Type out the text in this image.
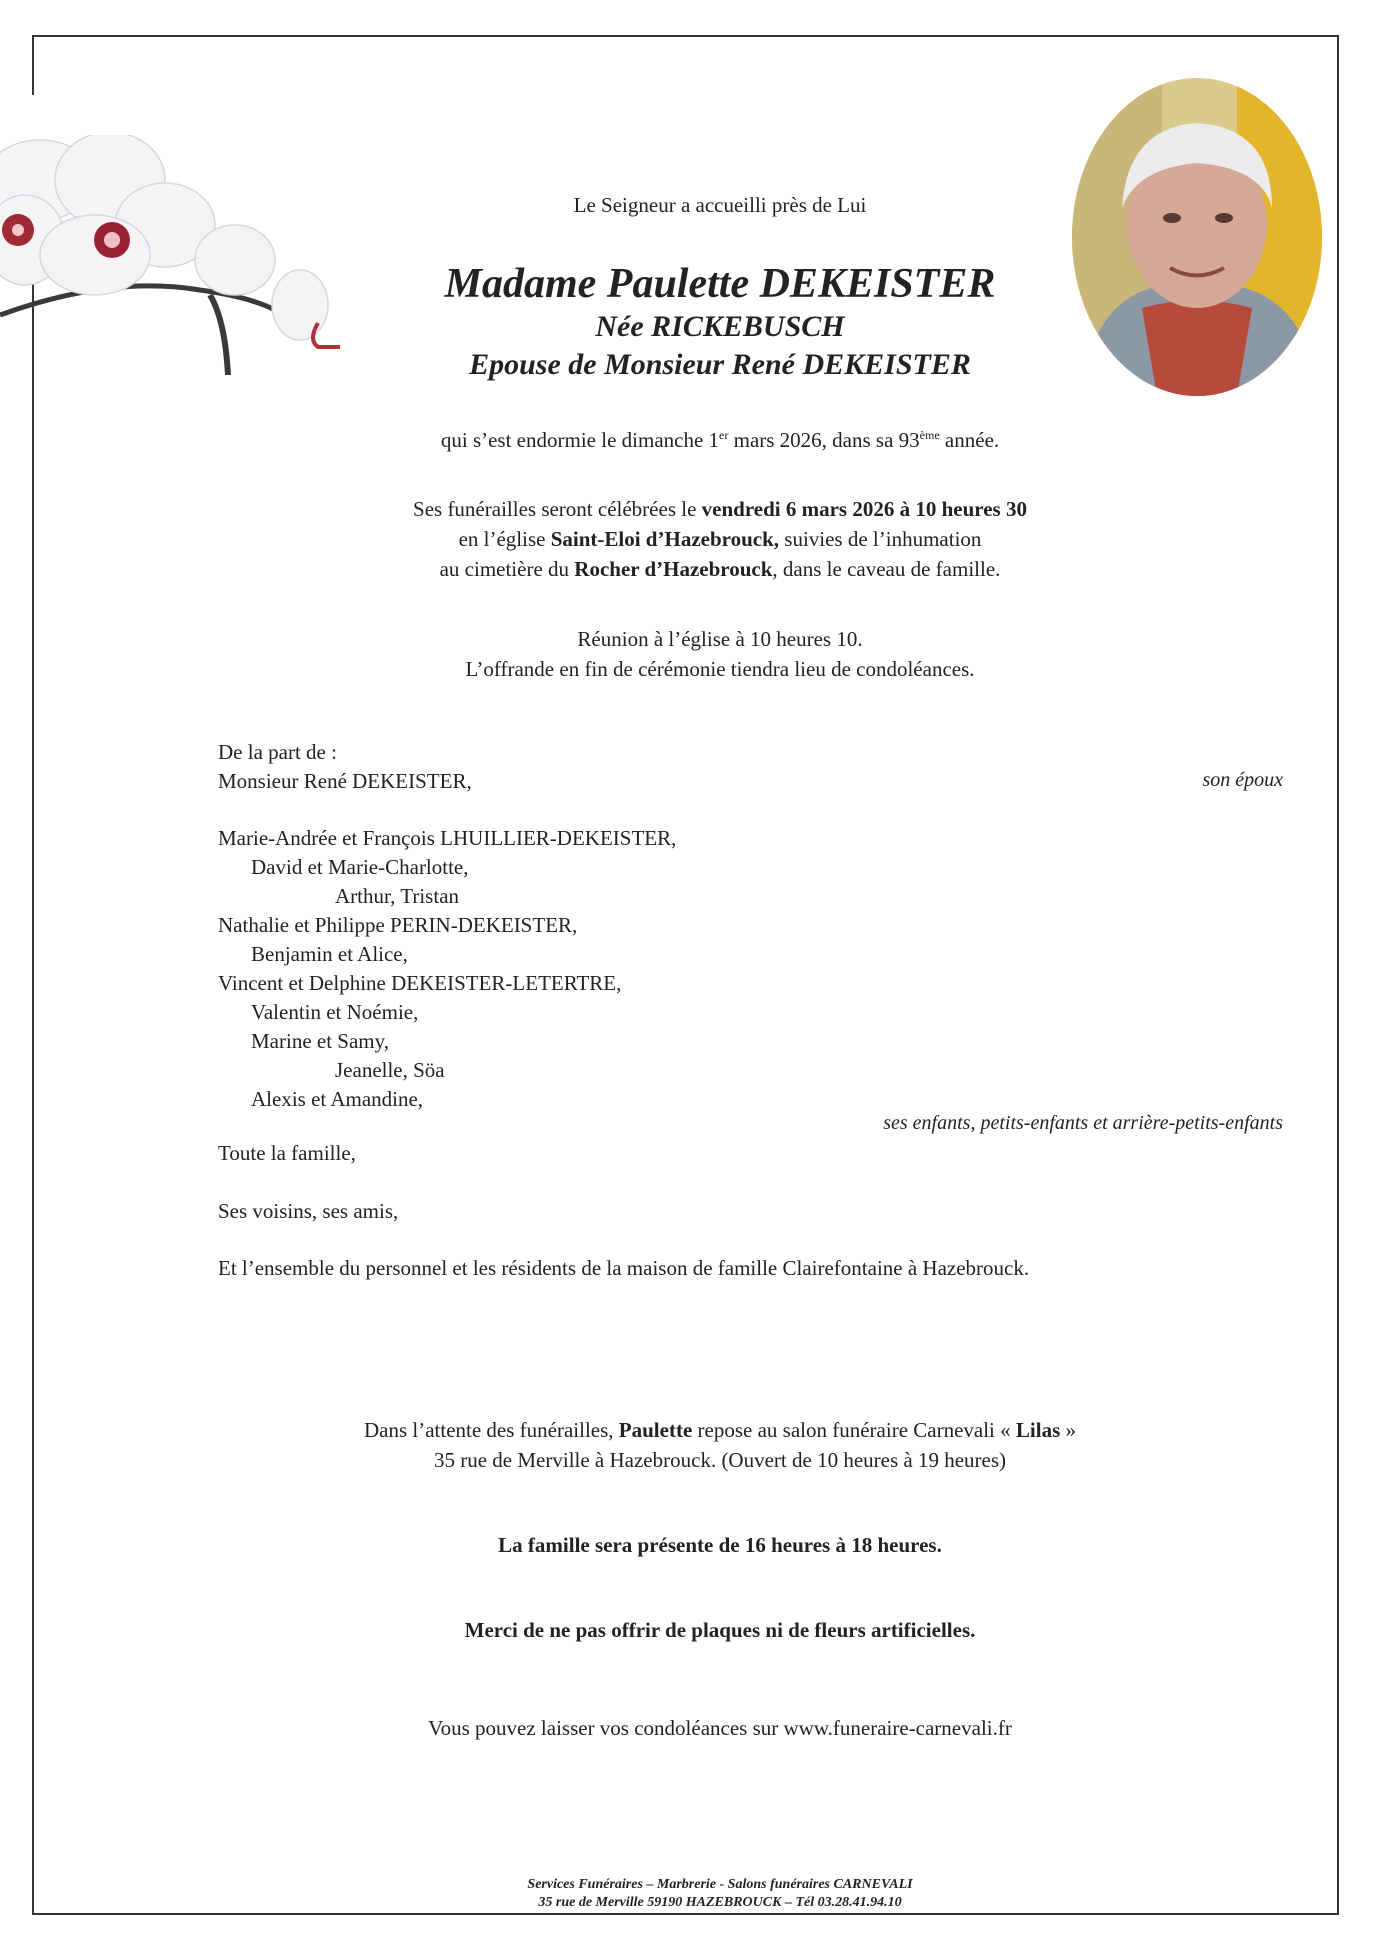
Le Seigneur a accueilli près de Lui
Madame Paulette DEKEISTER
Née RICKEBUSCH
Epouse de Monsieur René DEKEISTER
qui s’est endormie le dimanche 1er mars 2026, dans sa 93ème année.
Ses funérailles seront célébrées le vendredi 6 mars 2026 à 10 heures 30
en l’église Saint-Eloi d’Hazebrouck, suivies de l’inhumation
au cimetière du Rocher d’Hazebrouck, dans le caveau de famille.
Réunion à l’église à 10 heures 10.
L’offrande en fin de cérémonie tiendra lieu de condoléances.
De la part de :
Monsieur René DEKEISTER,	son époux
Marie-Andrée et François LHUILLIER-DEKEISTER,
David et Marie-Charlotte,
Arthur, Tristan
Nathalie et Philippe PERIN-DEKEISTER,
Benjamin et Alice,
Vincent et Delphine DEKEISTER-LETERTRE,
Valentin et Noémie,
Marine et Samy,
Jeanelle, Söa
Alexis et Amandine,
ses enfants, petits-enfants et arrière-petits-enfants
Toute la famille,
Ses voisins, ses amis,
Et l’ensemble du personnel et les résidents de la maison de famille Clairefontaine à Hazebrouck.
Dans l’attente des funérailles, Paulette repose au salon funéraire Carnevali « Lilas »
35 rue de Merville à Hazebrouck. (Ouvert de 10 heures à 19 heures)
La famille sera présente de 16 heures à 18 heures.
Merci de ne pas offrir de plaques ni de fleurs artificielles.
Vous pouvez laisser vos condoléances sur www.funeraire-carnevali.fr
Services Funéraires – Marbrerie - Salons funéraires CARNEVALI
35 rue de Merville 59190 HAZEBROUCK – Tél 03.28.41.94.10
